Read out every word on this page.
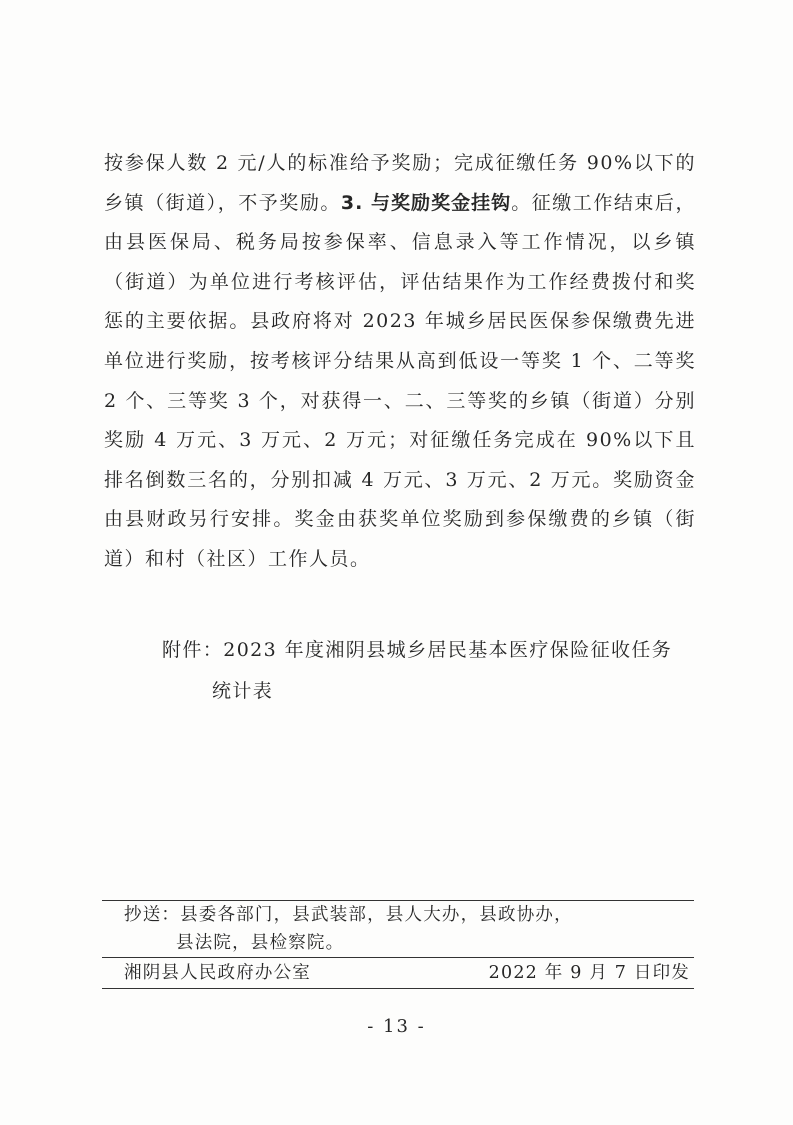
按参保人数 2 元/人的标准给予奖励；完成征缴任务 90%以下的乡镇（街道），不予奖励。3. 与奖励奖金挂钩。征缴工作结束后，由县医保局、税务局按参保率、信息录入等工作情况，以乡镇（街道）为单位进行考核评估，评估结果作为工作经费拨付和奖惩的主要依据。县政府将对 2023 年城乡居民医保参保缴费先进单位进行奖励，按考核评分结果从高到低设一等奖 1 个、二等奖 2 个、三等奖 3 个，对获得一、二、三等奖的乡镇（街道）分别奖励 4 万元、3 万元、2 万元；对征缴任务完成在 90%以下且排名倒数三名的，分别扣减 4 万元、3 万元、2 万元。奖励资金由县财政另行安排。奖金由获奖单位奖励到参保缴费的乡镇（街道）和村（社区）工作人员。

附件：2023 年度湘阴县城乡居民基本医疗保险征收任务
统计表
抄送：县委各部门，县武装部，县人大办，县政协办，
县法院，县检察院。
湘阴县人民政府办公室	2022 年 9 月 7 日印发
- 13 -
